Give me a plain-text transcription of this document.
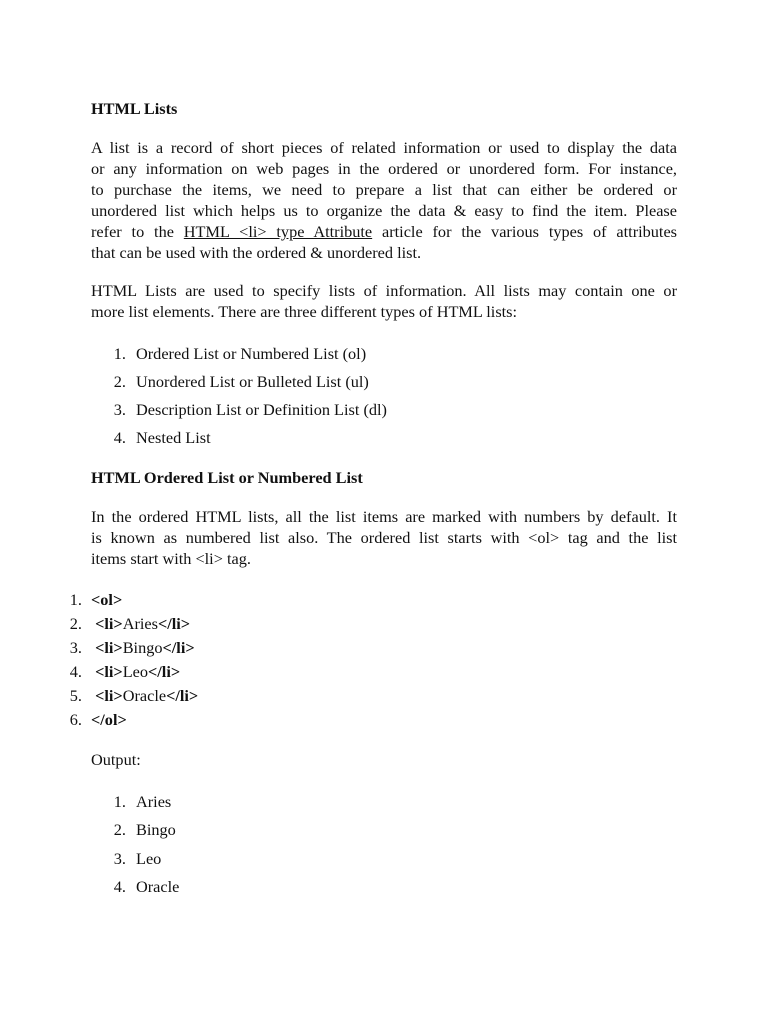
HTML Lists
A list is a record of short pieces of related information or used to display the data
or any information on web pages in the ordered or unordered form. For instance,
to purchase the items, we need to prepare a list that can either be ordered or
unordered list which helps us to organize the data & easy to find the item. Please
refer to the HTML <li> type Attribute article for the various types of attributes
that can be used with the ordered & unordered list.
HTML Lists are used to specify lists of information. All lists may contain one or
more list elements. There are three different types of HTML lists:
1. Ordered List or Numbered List (ol)
2. Unordered List or Bulleted List (ul)
3. Description List or Definition List (dl)
4. Nested List
HTML Ordered List or Numbered List
In the ordered HTML lists, all the list items are marked with numbers by default. It
is known as numbered list also. The ordered list starts with <ol> tag and the list
items start with <li> tag.
1. <ol>
2. <li>Aries</li>
3. <li>Bingo</li>
4. <li>Leo</li>
5. <li>Oracle</li>
6. </ol>
Output:
1. Aries
2. Bingo
3. Leo
4. Oracle
